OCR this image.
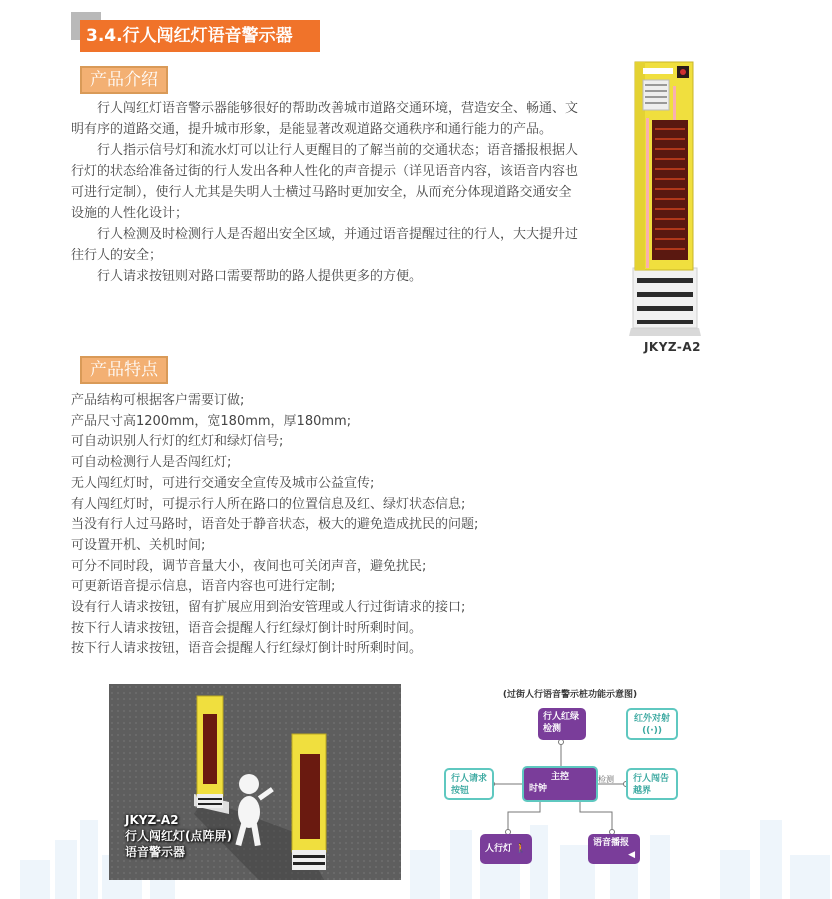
3.4.行人闯红灯语音警示器
产品介绍

行人闯红灯语音警示器能够很好的帮助改善城市道路交通环境，营造安全、畅通、文明有序的道路交通，提升城市形象，是能显著改观道路交通秩序和通行能力的产品。

行人指示信号灯和流水灯可以让行人更醒目的了解当前的交通状态；语音播报根据人行灯的状态给准备过街的行人发出各种人性化的声音提示（详见语音内容，该语音内容也可进行定制），使行人尤其是失明人士横过马路时更加安全，从而充分体现道路交通安全设施的人性化设计；

行人检测及时检测行人是否超出安全区域，并通过语音提醒过往的行人，大大提升过往行人的安全；

行人请求按钮则对路口需要帮助的路人提供更多的方便。

JKYZ-A2
产品特点
产品结构可根据客户需要订做;
产品尺寸高1200mm，宽180mm，厚180mm;
可自动识别人行灯的红灯和绿灯信号;
可自动检测行人是否闯红灯;
无人闯红灯时，可进行交通安全宣传及城市公益宣传;
有人闯红灯时，可提示行人所在路口的位置信息及红、绿灯状态信息;
当没有行人过马路时，语音处于静音状态，极大的避免造成扰民的问题;
可设置开机、关机时间;
可分不同时段，调节音量大小，夜间也可关闭声音，避免扰民;
可更新语音提示信息，语音内容也可进行定制;
设有行人请求按钮，留有扩展应用到治安管理或人行过街请求的接口;
按下行人请求按钮，语音会提醒人行红绿灯倒计时所剩时间。
按下行人请求按钮，语音会提醒人行红绿灯倒计时所剩时间。
JKYZ-A2
行人闯红灯(点阵屏)
语音警示器
(过街人行语音警示桩功能示意图)
行人红绿
检测
红外对射
((·))
行人请求
按钮
主控
时钟
检测 行人闯告
越界
人行灯 🚶
语音播报
◀
